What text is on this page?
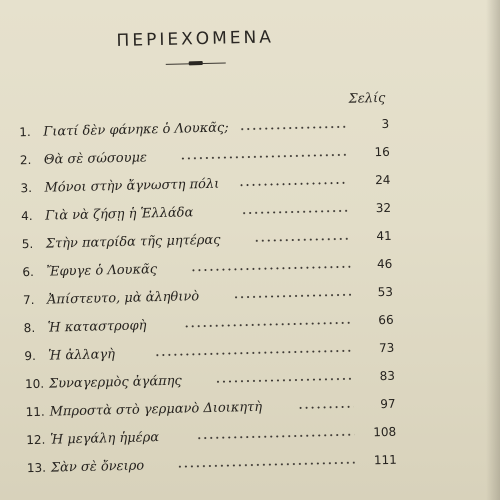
ΠΕΡΙΕΧΟΜΕΝΑ
Σελίς
1. Γιατί δὲν φάνηκε ὁ Λουκᾶς;	3
2. Θὰ σὲ σώσουμε	16
3. Μόνοι στὴν ἄγνωστη πόλι	24
4. Γιὰ νὰ ζήσῃ ἡ Ἑλλάδα	32
5. Στὴν πατρίδα τῆς μητέρας	41
6. Ἔφυγε ὁ Λουκᾶς	46
7. Ἀπίστευτο, μὰ ἀληθινὸ	53
8. Ἡ καταστροφὴ	66
9. Ἡ ἀλλαγὴ	73
10. Συναγερμὸς ἀγάπης	83
11. Μπροστὰ στὸ γερμανὸ Διοικητὴ	97
12. Ἡ μεγάλη ἡμέρα	108
13. Σὰν σὲ ὄνειρο	111
